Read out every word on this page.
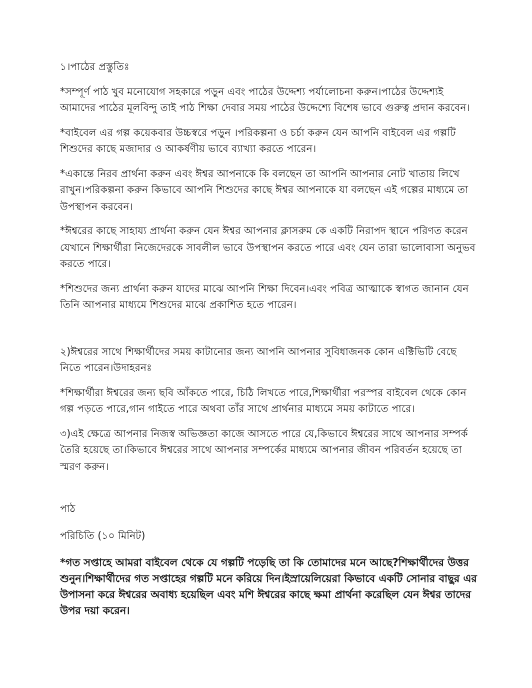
১।পাঠের প্রস্তুতিঃ

*সম্পূর্ণ পাঠ খুব মনোযোগ সহকারে পড়ুন এবং পাঠের উদ্দেশ্য পর্যালোচনা করুন।পাঠের উদ্দেশ্যই আমাদের পাঠের মূলবিন্দু তাই পাঠ শিক্ষা দেবার সময় পাঠের উদ্দেশ্যে বিশেষ ভাবে গুরুত্ব প্রদান করবেন।

*বাইবেল এর গল্প কয়েকবার উচ্চস্বরে পড়ুন ।পরিকল্পনা ও চর্চা করুন যেন আপনি বাইবেল এর গল্পটি শিশুদের কাছে মজাদার ও আকর্ষণীয় ভাবে ব্যাখ্যা করতে পারেন।

*একান্তে নিরব প্রার্থনা করুন এবং ঈশ্বর আপনাকে কি বলছেন তা আপনি আপনার নোট খাতায় লিখে রাখুন।পরিকল্পনা করুন কিভাবে আপনি শিশুদের কাছে ঈশ্বর আপনাকে যা বলছেন এই গল্পের মাধ্যমে তা উপস্থাপন করবেন।

*ঈশ্বরের কাছে সাহায্য প্রার্থনা করুন যেন ঈশ্বর আপনার ক্লাসরুম কে একটি নিরাপদ স্থানে পরিণত করেন যেখানে শিক্ষার্থীরা নিজেদেরকে সাবলীল ভাবে উপস্থাপন করতে পারে এবং যেন তারা ভালোবাসা অনুভব করতে পারে।

*শিশুদের জন্য প্রার্থনা করুন যাদের মাঝে আপনি শিক্ষা দিবেন।এবং পবিত্র আত্মাকে স্বাগত জানান যেন তিনি আপনার মাধ্যমে শিশুদের মাঝে প্রকাশিত হতে পারেন।

২)ঈশ্বরের সাথে শিক্ষার্থীদের সময় কাটানোর জন্য আপনি আপনার সুবিধাজনক কোন এক্টিভিটি বেছে নিতে পারেন।উদাহরনঃ

*শিক্ষার্থীরা ঈশ্বরের জন্য ছবি আঁকতে পারে, চিঠি লিখতে পারে,শিক্ষার্থীরা পরস্পর বাইবেল থেকে কোন গল্প পড়তে পারে,গান গাইতে পারে অথবা তাঁর সাথে প্রার্থনার মাধ্যমে সময় কাটাতে পারে।

৩)এই ক্ষেত্রে আপনার নিজস্ব অভিজ্ঞতা কাজে আসতে পারে যে,কিভাবে ঈশ্বরের সাথে আপনার সম্পর্ক তৈরি হয়েছে তা।কিভাবে ঈশ্বরের সাথে আপনার সম্পর্কের মাধ্যমে আপনার জীবন পরিবর্তন হয়েছে তা স্মরণ করুন।

পাঠ

পরিচিতি (১০ মিনিট)

*গত সপ্তাহে আমরা বাইবেল থেকে যে গল্পটি পড়েছি তা কি তোমাদের মনে আছে?শিক্ষার্থীদের উত্তর শুনুন।শিক্ষার্থীদের গত সপ্তাহের গল্পটি মনে করিয়ে দিন।ইস্রায়েলিয়েরা কিভাবে একটি সোনার বাছুর এর উপাসনা করে ঈশ্বরের অবাধ্য হয়েছিল এবং মশি ঈশ্বরের কাছে ক্ষমা প্রার্থনা করেছিল যেন ঈশ্বর তাদের উপর দয়া করেন।
